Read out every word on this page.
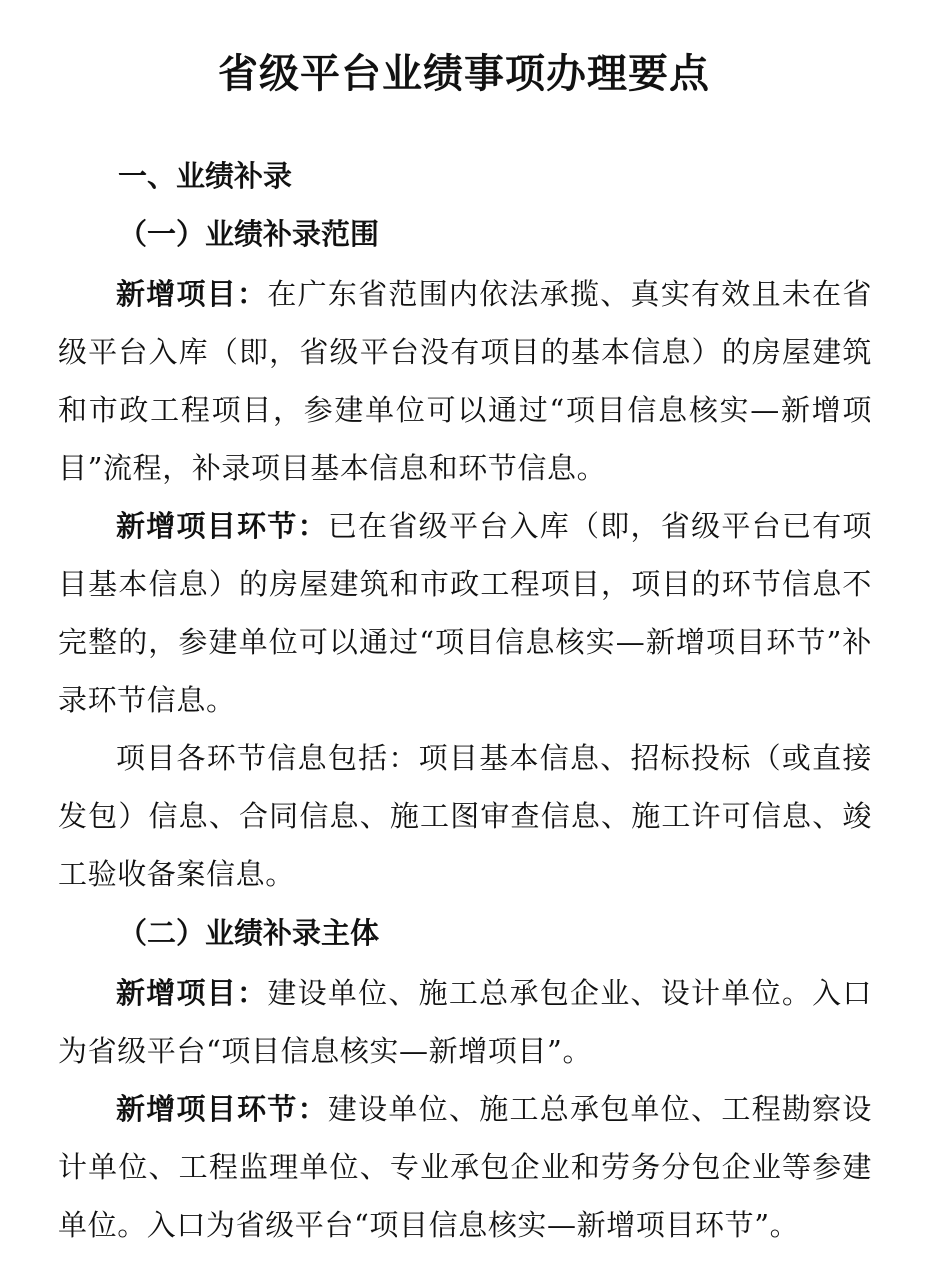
省级平台业绩事项办理要点
一、业绩补录
（一）业绩补录范围

新增项目：在广东省范围内依法承揽、真实有效且未在省级平台入库（即，省级平台没有项目的基本信息）的房屋建筑和市政工程项目，参建单位可以通过“项目信息核实—新增项目”流程，补录项目基本信息和环节信息。

新增项目环节：已在省级平台入库（即，省级平台已有项目基本信息）的房屋建筑和市政工程项目，项目的环节信息不完整的，参建单位可以通过“项目信息核实—新增项目环节”补录环节信息。

项目各环节信息包括：项目基本信息、招标投标（或直接发包）信息、合同信息、施工图审查信息、施工许可信息、竣工验收备案信息。

（二）业绩补录主体

新增项目：建设单位、施工总承包企业、设计单位。入口为省级平台“项目信息核实—新增项目”。

新增项目环节：建设单位、施工总承包单位、工程勘察设计单位、工程监理单位、专业承包企业和劳务分包企业等参建单位。入口为省级平台“项目信息核实—新增项目环节”。
